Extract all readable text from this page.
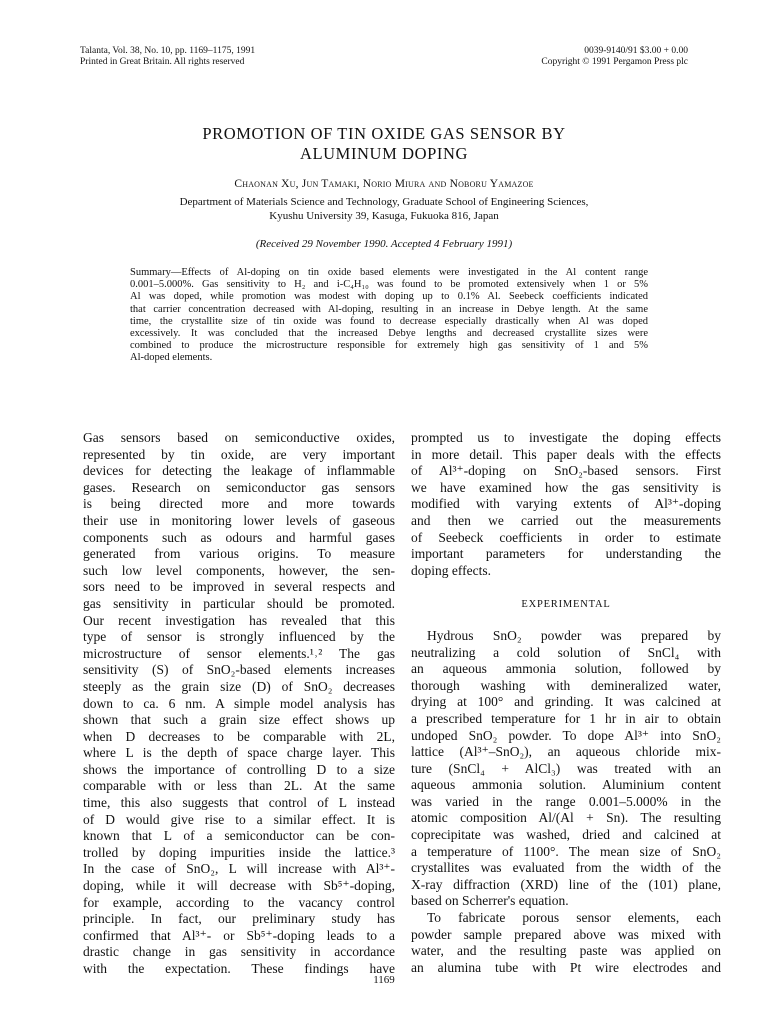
Talanta, Vol. 38, No. 10, pp. 1169–1175, 1991
Printed in Great Britain. All rights reserved
0039-9140/91 $3.00 + 0.00
Copyright © 1991 Pergamon Press plc
PROMOTION OF TIN OXIDE GAS SENSOR BY
ALUMINUM DOPING
Chaonan Xu, Jun Tamaki, Norio Miura and Noboru Yamazoe
Department of Materials Science and Technology, Graduate School of Engineering Sciences,
Kyushu University 39, Kasuga, Fukuoka 816, Japan
(Received 29 November 1990. Accepted 4 February 1991)
Summary—Effects of Al-doping on tin oxide based elements were investigated in the Al content range
0.001–5.000%. Gas sensitivity to H₂ and i-C₄H₁₀ was found to be promoted extensively when 1 or 5%
Al was doped, while promotion was modest with doping up to 0.1% Al. Seebeck coefficients indicated
that carrier concentration decreased with Al-doping, resulting in an increase in Debye length. At the same
time, the crystallite size of tin oxide was found to decrease especially drastically when Al was doped
excessively. It was concluded that the increased Debye lengths and decreased crystallite sizes were
combined to produce the microstructure responsible for extremely high gas sensitivity of 1 and 5%
Al-doped elements.
Gas sensors based on semiconductive oxides,
represented by tin oxide, are very important
devices for detecting the leakage of inflammable
gases. Research on semiconductor gas sensors
is being directed more and more towards
their use in monitoring lower levels of gaseous
components such as odours and harmful gases
generated from various origins. To measure
such low level components, however, the sen-
sors need to be improved in several respects and
gas sensitivity in particular should be promoted.
Our recent investigation has revealed that this
type of sensor is strongly influenced by the
microstructure of sensor elements.¹˒² The gas
sensitivity (S) of SnO₂-based elements increases
steeply as the grain size (D) of SnO₂ decreases
down to ca. 6 nm. A simple model analysis has
shown that such a grain size effect shows up
when D decreases to be comparable with 2L,
where L is the depth of space charge layer. This
shows the importance of controlling D to a size
comparable with or less than 2L. At the same
time, this also suggests that control of L instead
of D would give rise to a similar effect. It is
known that L of a semiconductor can be con-
trolled by doping impurities inside the lattice.³
In the case of SnO₂, L will increase with Al³⁺-
doping, while it will decrease with Sb⁵⁺-doping,
for example, according to the vacancy control
principle. In fact, our preliminary study has
confirmed that Al³⁺- or Sb⁵⁺-doping leads to a
drastic change in gas sensitivity in accordance
with the expectation. These findings have
prompted us to investigate the doping effects
in more detail. This paper deals with the effects
of Al³⁺-doping on SnO₂-based sensors. First
we have examined how the gas sensitivity is
modified with varying extents of Al³⁺-doping
and then we carried out the measurements
of Seebeck coefficients in order to estimate
important parameters for understanding the
doping effects.
EXPERIMENTAL
Hydrous SnO₂ powder was prepared by
neutralizing a cold solution of SnCl₄ with
an aqueous ammonia solution, followed by
thorough washing with demineralized water,
drying at 100° and grinding. It was calcined at
a prescribed temperature for 1 hr in air to obtain
undoped SnO₂ powder. To dope Al³⁺ into SnO₂
lattice (Al³⁺–SnO₂), an aqueous chloride mix-
ture (SnCl₄ + AlCl₃) was treated with an
aqueous ammonia solution. Aluminium content
was varied in the range 0.001–5.000% in the
atomic composition Al/(Al + Sn). The resulting
coprecipitate was washed, dried and calcined at
a temperature of 1100°. The mean size of SnO₂
crystallites was evaluated from the width of the
X-ray diffraction (XRD) line of the (101) plane,
based on Scherrer's equation.
To fabricate porous sensor elements, each
powder sample prepared above was mixed with
water, and the resulting paste was applied on
an alumina tube with Pt wire electrodes and
1169
